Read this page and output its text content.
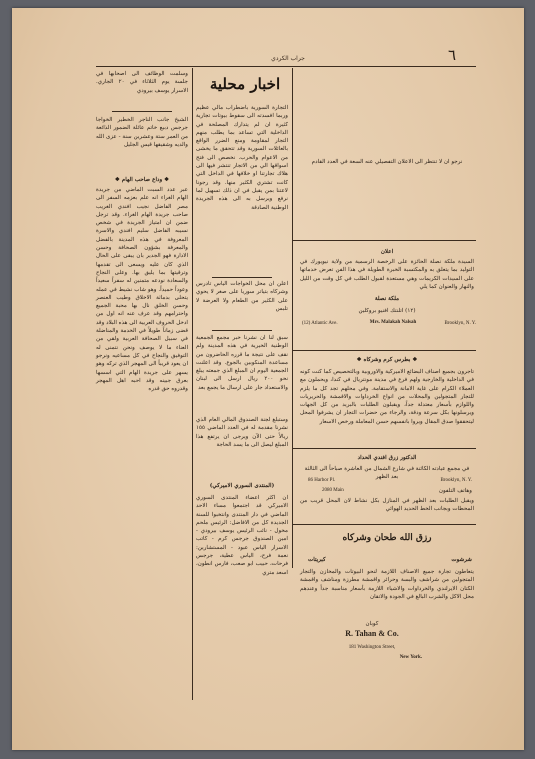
٦
جراب الكردي
وسلمت الوظائف الى اصحابها في جلسة يوم الثلاثاء في ٢٠ الجاري. الاسرار يوسف بيرودي
الشيخ جانب الناجر الخطير الخواجا جرجس دبيع خاتم عائلة الضمور الذائعة من العمر ستة وعشرين سنة - عزى الله والديه وشقيقها قيس الجليل
❖ وداع صاحب الهام ❖
عبر عدد السبت الماضي من جريدة الهام الغراء انه علم بعزمه السفر الى مصر الفاضل نجيب افندي الغريب صاحب جريدة الهام الغراء. وقد ترجل ضمن ان امتياز الجريدة في شخص نسيبه الفاضل سليم افندي والاسرة المعروفة في هذه المدينة بالفضل والمعرفة بشؤون الصحافة وحسن الادارة فهو الجدير بان يبقى على الحال الذي كان عليه ويسعى الى تقدمها وترقيتها بما يليق بها. وعلى النجاح والسعادة نودعه متمنين له سفراً سعيداً وعوداً حميداً. وهو شاب نشيط في عمله يتحلى بدماثة الاخلاق وطيب العنصر وحسن الخلق نال بها محبة الجميع واحترامهم وقد عرف عنه انه اول من ادخل الحروف العربية الى هذه البلاد وقد قضى زماناً طويلاً في الخدمة والمناضلة في سبيل الصحافة العربية ولقي من العناء ما لا يوصف ونحن نتمنى له التوفيق والنجاح في كل مساعيه ونرجو ان يعود قريباً الى المهجر الذي تركه وهو يسهر على جريدة الهام التي اسسها بعرق جبينه وقد احبه اهل المهجر وقدروه حق قدره
اخبار محلية
التجارة السورية باضطراب مالي عظيم وربما افسدته الى سقوط بيوتات تجارية كثيرة ان لم يتدارك المصلحة في الداخلية التي تساعد بما يطلب منهم التجار لمقاومة ومنع الضرر الواقع بالعائلات السورية وقد تتحقق ما يخشى من الاعوام والحرب. نخصص الى فتح اسواقها الي من الاتجار تنتشر فيها الى هلاك تجارتنا او خلافها في الداخل التي كانت تشتري الكثير منها. وقد رجونا لاعتنا بمن يقبل في ان ذلك تسهيل لما نرفع ويرسل به الى هذه الجريدة الوطنية الصادقة
اعلن ان محل الخواجات الياس تادرس وشركاه بتياتر سوريا على صغر لا يحوي على الكثير من الطعام ولا العرضة لا تلبس
سبق لنا ان نشرنا خبر مجمع الجمعية الوطنية الخيرية في هذه المدينة ولم نقف على نتيجة ما قرره الحاضرون من مساعدة المنكوبين بالجوع. وقد اعلنت الجمعية اليوم ان المبلغ الذي جمعته يبلغ نحو ٢٠٠ ريال ارسل الى لبنان والاستعداد جار على ارسال ما يجمع بعد
وستبلغ لجنة الصندوق المالي العام الذي نشرنا مقدمة له في العدد الماضي ١٥٥ ريالاً حتى الآن ويرجى ان يرتفع هذا المبلغ ليصل الى ما يسد الحاجة
(المنتدى السوري الاميركي)
ان اكثر اعضاء المنتدى السوري الاميركي قد اجتمعوا مساء الاحد الماضي في دار المنتدى وانتخبوا للسنة الجديدة كل من الافاضل: الرئيس ملحم مخول - نائب الرئيس يوسف بيرودي - امين الصندوق جرجس كرم - كاتب الاسرار الياس عبود - المستشارين: نعمة فرح، الياس عطية، جرجس فرحات، حبيب ابو صعب، فارس انطون، اسعد متري
نرجو ان لا تنتظر الى الاعلان التفصيلي عنه السعة في العدد القادم
اعلان
السيدة ملكة نصلة الحائزة على الرخصة الرسمية من ولاية نيويورك في التوليد بما يتعلق به والمكتسبة الخبرة الطويلة في هذا الفن تعرض خدماتها على السيدات الكريمات وهي مستعدة لقبول الطلب في كل وقت من الليل والنهار والعنوان كما يلي
ملكة نصلة
(١٢) اتلنتك افنيو بروكلين
(12) Atlantic Ave.	Mrs. Malakah Nalsah	Brooklyn, N. Y.
❖ بطرس كرم وشركاه ❖
تاجرون بجميع اصناف البضائع الاميركية والاوروبية وبالتحصيص كما كنت كونه في الداخلية والخارجية ولهم فرع في مدينة مونتريال في كندا، ويحملون مع العملاء الكرام على غاية الامانة والاستقامة. وفي محلهم تجد كل ما يلزم للتجار المتجولين والمحلات من انواع الخرداوات والاقمشة والحريريات واللوازم بأسعار معتدلة جداً، ويقبلون الطلبات بالبريد من كل الجهات ويرسلونها بكل سرعة ودقة، والرجاء من حضرات التجار ان يشرفوا المحل ليتحققوا صدق المقال ويروا بانفسهم حسن المعاملة ورخص الاسعار
الدكتور زرق افندي الحداد
في مجمع عيادته الكائنة في شارع الشمال من العاشرة صباحاً الى الثالثة بعد الظهر
86 Harbor Pl.	Brooklyn, N. Y.
2080 Main	وهاتف التلفون
ويقبل الطلبات بعد الظهر في المنازل بكل نشاط لان المحل قريب من المحطات وبجانب الخط الحديد الهوائي
رزق الله طحان وشركاه
شرشوت
كبريتات
يتعاطون تجارة جميع الاصناف اللازمة لنحو البيوتات والمخازن والتجار المتجولين من شراشف والبسة وحرائر واقمشة مطرزة ومناشف واقمشة الكتان الايرلندي والخرداوات والاشياء اللازمة بأسعار مناسبة جداً وعندهم محل الاكل والشرب البالغ في الجودة والاتقان
كوبان
R. Tahan & Co.
181 Washington Street,
New York.
